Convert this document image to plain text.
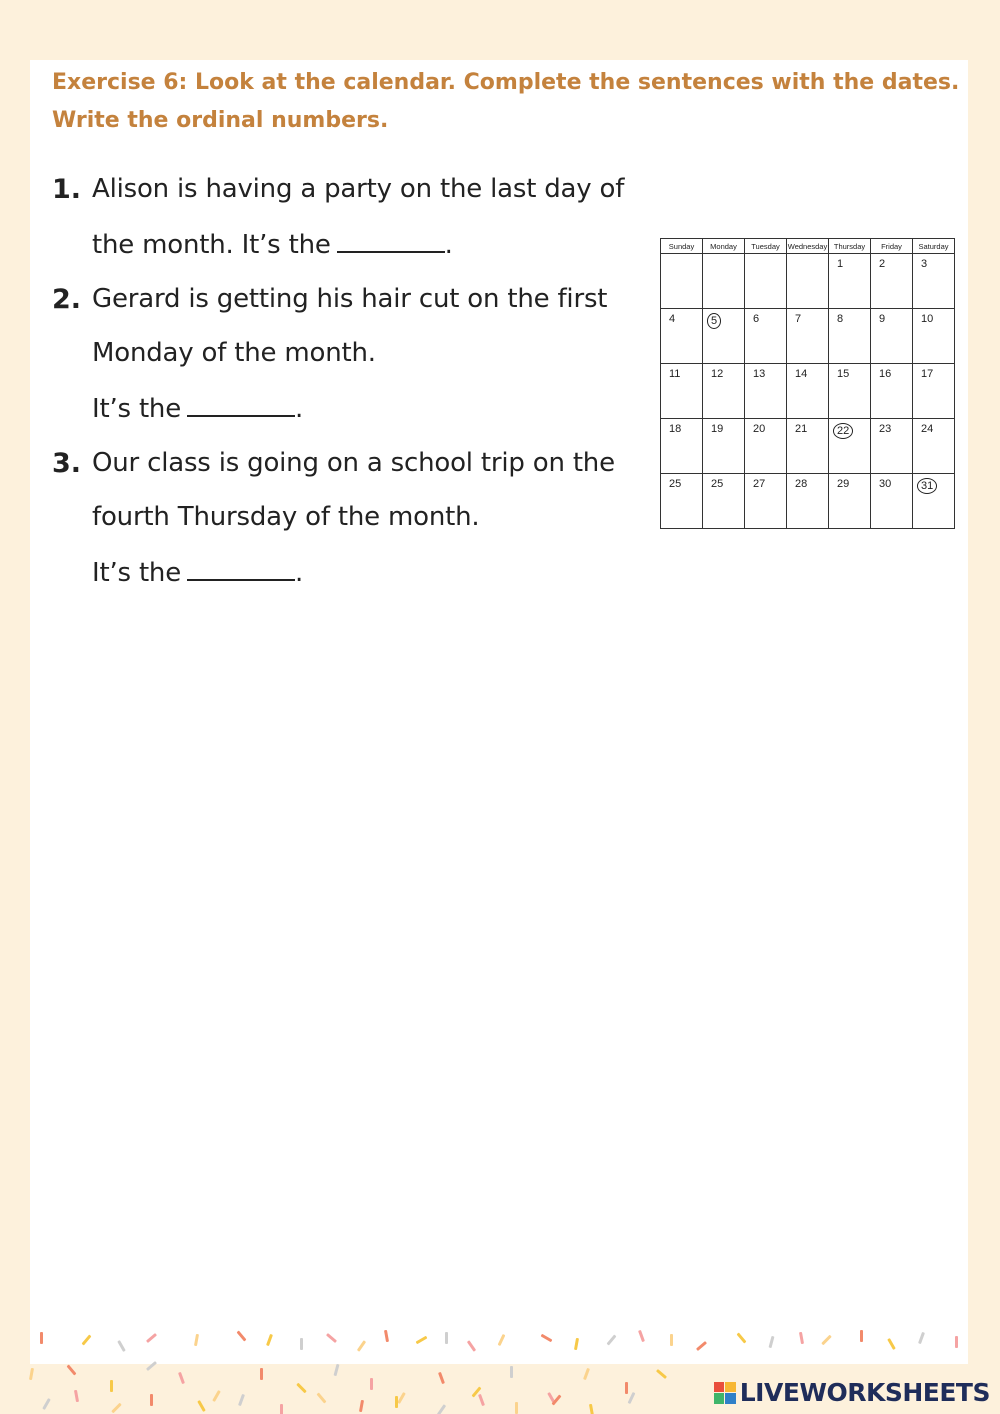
Exercise 6: Look at the calendar. Complete the sentences with the dates.
Write the ordinal numbers.
1. Alison is having a party on the last day of
the month. It’s the	.
2. Gerard is getting his hair cut on the first
Monday of the month.
It’s the	.
3. Our class is going on a school trip on the
fourth Thursday of the month.
It’s the	.
Sunday	Monday	Tuesday	Wednesday	Thursday	Friday	Saturday
				1	2	3
4	5	6	7	8	9	10
11	12	13	14	15	16	17
18	19	20	21	22	23	24
25	25	27	28	29	30	31
LIVEWORKSHEETS
